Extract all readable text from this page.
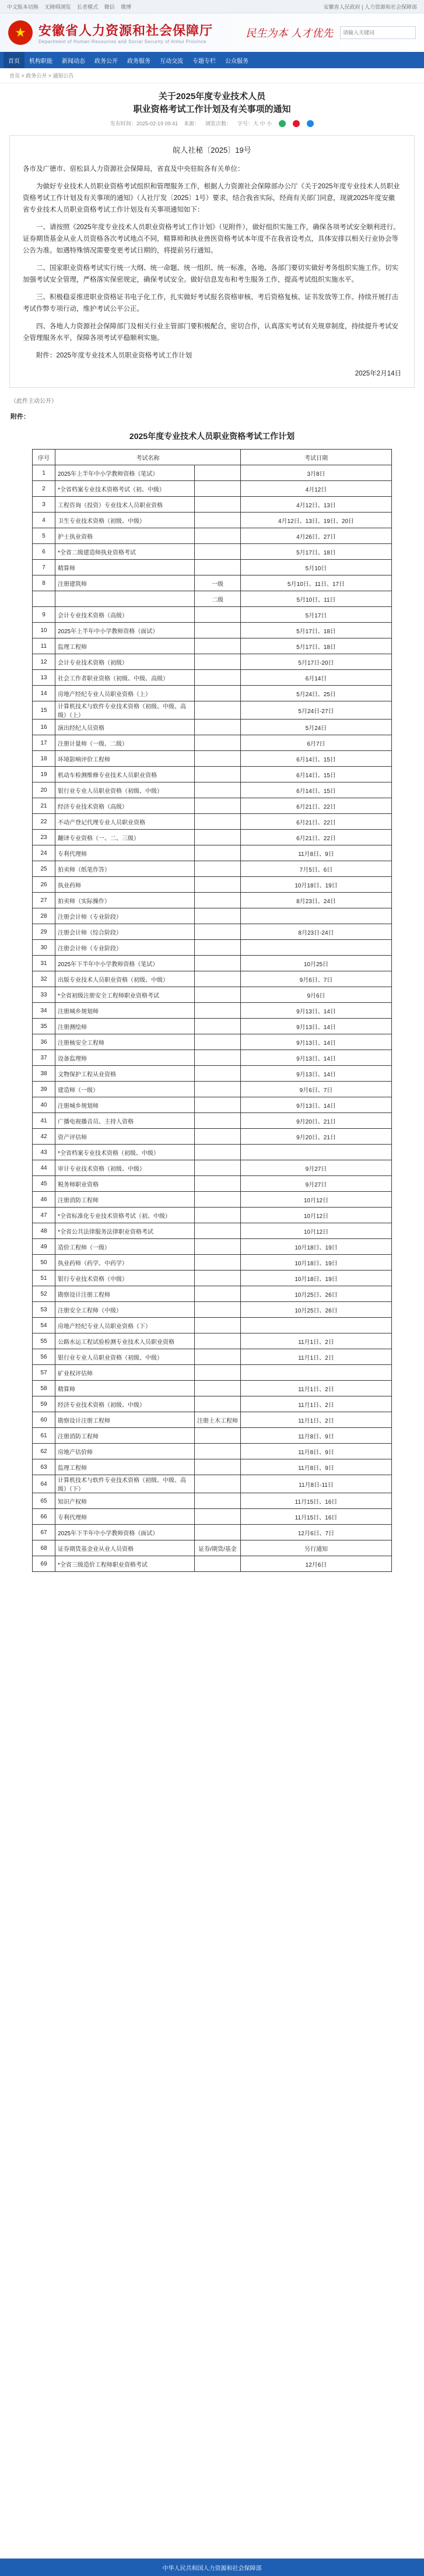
中文版本切换 无障碍浏览 长者模式 微信 微博	安徽省人民政府 | 人力资源和社会保障部
★ 安徽省人力资源和社会保障厅
Department of Human Resources and Social Security of Anhui Province
民生为本 人才优先
请输入关键词
首页	机构职能	新闻动态	政务公开	政务服务	互动交流	专题专栏	公众服务
首页 > 政务公开 > 通知公告
关于2025年度专业技术人员
职业资格考试工作计划及有关事项的通知
发布时间：2025-02-19 09:41 来源： 浏览次数： 字号：大 中 小
皖人社秘〔2025〕19号

各市及广德市、宿松县人力资源社会保障局，省直及中央驻皖各有关单位：

为做好专业技术人员职业资格考试组织和管理服务工作，根据人力资源社会保障部办公厅《关于2025年度专业技术人员职业资格考试工作计划及有关事项的通知》（人社厅发〔2025〕1号）要求，结合我省实际，经商有关部门同意，现就2025年度安徽省专业技术人员职业资格考试工作计划及有关事项通知如下：

一、请按照《2025年度专业技术人员职业资格考试工作计划》（见附件），做好组织实施工作，确保各项考试安全顺利进行。证券期货基金从业人员资格各次考试地点不同，精算师和执业兽医资格考试本年度不在我省设考点，具体安排以相关行业协会等公告为准。如遇特殊情况需要变更考试日期的，将提前另行通知。

二、国家职业资格考试实行统一大纲、统一命题、统一组织、统一标准，各地、各部门要切实做好考务组织实施工作。切实加强考试安全管理，严格落实保密规定，确保考试安全。做好信息发布和考生服务工作，提高考试组织实施水平。

三、积极稳妥推进职业资格证书电子化工作，扎实做好考试报名资格审核、考后资格复核、证书发放等工作。持续开展打击考试作弊专项行动，维护考试公平公正。

四、各地人力资源社会保障部门及相关行业主管部门要积极配合，密切合作，认真落实考试有关规章制度，持续提升考试安全管理服务水平，保障各项考试平稳顺利实施。

附件：2025年度专业技术人员职业资格考试工作计划

2025年2月14日
（此件主动公开）
附件：
2025年度专业技术人员职业资格考试工作计划
序号	考试名称		考试日期
1	2025年上半年中小学教师资格（笔试）		3月8日
2	*全省档案专业技术资格考试（初、中级）		4月12日
3	工程咨询（投资）专业技术人员职业资格		4月12日、13日
4	卫生专业技术资格（初级、中级）		4月12日、13日、19日、20日
5	护士执业资格		4月26日、27日
6	*全省二级建造师执业资格考试		5月17日、18日
7	精算师		5月10日
8	注册建筑师	一级	5月10日、11日、17日
		二级	5月10日、11日
9	会计专业技术资格（高级）		5月17日
10	2025年上半年中小学教师资格（面试）		5月17日、18日
11	监理工程师		5月17日、18日
12	会计专业技术资格（初级）		5月17日-20日
13	社会工作者职业资格（初级、中级、高级）		6月14日
14	房地产经纪专业人员职业资格（上）		5月24日、25日
15	计算机技术与软件专业技术资格（初级、中级、高级）（上）		5月24日-27日
16	演出经纪人员资格		5月24日
17	注册计量师（一级、二级）		6月7日
18	环境影响评价工程师		6月14日、15日
19	机动车检测维修专业技术人员职业资格		6月14日、15日
20	银行业专业人员职业资格（初级、中级）		6月14日、15日
21	经济专业技术资格（高级）		6月21日、22日
22	不动产登记代理专业人员职业资格		6月21日、22日
23	翻译专业资格（一、二、三级）		6月21日、22日
24	专利代理师		11月8日、9日
25	拍卖师（纸笔作答）		7月5日、6日
26	执业药师		10月18日、19日
27	拍卖师（实际操作）		8月23日、24日
28	注册会计师（专业阶段）		
29	注册会计师（综合阶段）		8月23日-24日
30	注册会计师（专业阶段）		
31	2025年下半年中小学教师资格（笔试）		10月25日
32	出版专业技术人员职业资格（初级、中级）		9月6日、7日
33	*全省初级注册安全工程师职业资格考试		9月6日
34	注册城乡规划师		9月13日、14日
35	注册测绘师		9月13日、14日
36	注册核安全工程师		9月13日、14日
37	设备监理师		9月13日、14日
38	文物保护工程从业资格		9月13日、14日
39	建造师（一级）		9月6日、7日
40	注册城乡规划师		9月13日、14日
41	广播电视播音员、主持人资格		9月20日、21日
42	资产评估师		9月20日、21日
43	*全省档案专业技术资格（初级、中级）		
44	审计专业技术资格（初级、中级）		9月27日
45	税务师职业资格		9月27日
46	注册消防工程师		10月12日
47	*全省标准化专业技术资格考试（初、中级）		10月12日
48	*全省公共法律服务法律职业资格考试		10月12日
49	造价工程师（一级）		10月18日、19日
50	执业药师（药学、中药学）		10月18日、19日
51	银行专业技术资格（中级）		10月18日、19日
52	勘察设计注册工程师		10月25日、26日
53	注册安全工程师（中级）		10月25日、26日
54	房地产经纪专业人员职业资格（下）		
55	公路水运工程试验检测专业技术人员职业资格		11月1日、2日
56	银行业专业人员职业资格（初级、中级）		11月1日、2日
57	矿业权评估师		
58	精算师		11月1日、2日
59	经济专业技术资格（初级、中级）		11月1日、2日
60	勘察设计注册工程师	注册土木工程师	11月1日、2日
61	注册消防工程师		11月8日、9日
62	房地产估价师		11月8日、9日
63	监理工程师		11月8日、9日
64	计算机技术与软件专业技术资格（初级、中级、高级）（下）		11月8日-11日
65	知识产权师		11月15日、16日
66	专利代理师		11月15日、16日
67	2025年下半年中小学教师资格（面试）		12月6日、7日
68	证券期货基金业从业人员资格	证券/期货/基金	另行通知
69	*全省三级造价工程师职业资格考试		12月6日
中华人民共和国人力资源和社会保障部
